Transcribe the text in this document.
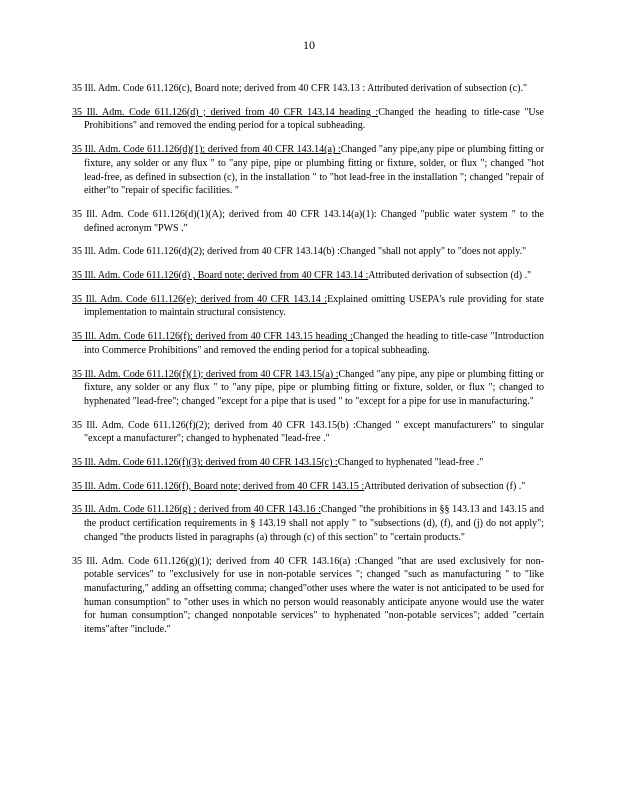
10

35 Ill. Adm. Code 611.126(c), Board note; derived from 40 CFR 143.13 : Attributed derivation of subsection (c)."

35 Ill. Adm. Code 611.126(d) ; derived from 40 CFR 143.14 heading :Changed the heading to title-case "Use Prohibitions" and removed the ending period for a topical subheading.

35 Ill. Adm. Code 611.126(d)(1); derived from 40 CFR 143.14(a) :Changed "any pipe,any pipe or plumbing fitting or fixture, any solder or any flux " to "any pipe, pipe or plumbing fitting or fixture, solder, or flux "; changed "hot lead-free, as defined in subsection (c), in the installation " to "hot lead-free in the installation "; changed "repair of either"to "repair of specific facilities. "

35 Ill. Adm. Code 611.126(d)(1)(A); derived from 40 CFR 143.14(a)(1): Changed "public water system " to the defined acronym "PWS ."

35 Ill. Adm. Code 611.126(d)(2); derived from 40 CFR 143.14(b) :Changed "shall not apply" to "does not apply."

35 Ill. Adm. Code 611.126(d) , Board note; derived from 40 CFR 143.14 :Attributed derivation of subsection (d) ."

35 Ill. Adm. Code 611.126(e); derived from 40 CFR 143.14 :Explained omitting USEPA's rule providing for state implementation to maintain structural consistency.

35 Ill. Adm. Code 611.126(f); derived from 40 CFR 143.15 heading :Changed the heading to title-case "Introduction into Commerce Prohibitions" and removed the ending period for a topical subheading.

35 Ill. Adm. Code 611.126(f)(1); derived from 40 CFR 143.15(a) :Changed "any pipe, any pipe or plumbing fitting or fixture, any solder or any flux " to "any pipe, pipe or plumbing fitting or fixture, solder, or flux "; changed to hyphenated "lead-free"; changed "except for a pipe that is used " to "except for a pipe for use in manufacturing."

35 Ill. Adm. Code 611.126(f)(2); derived from 40 CFR 143.15(b) :Changed " except manufacturers" to singular "except a manufacturer"; changed to hyphenated "lead-free ."

35 Ill. Adm. Code 611.126(f)(3); derived from 40 CFR 143.15(c) :Changed to hyphenated "lead-free ."

35 Ill. Adm. Code 611.126(f), Board note; derived from 40 CFR 143.15 :Attributed derivation of subsection (f) ."

35 Ill. Adm. Code 611.126(g) ; derived from 40 CFR 143.16 :Changed "the prohibitions in §§ 143.13 and 143.15 and the product certification requirements in § 143.19 shall not apply " to "subsections (d), (f), and (j) do not apply"; changed "the products listed in paragraphs (a) through (c) of this section" to "certain products."

35 Ill. Adm. Code 611.126(g)(1); derived from 40 CFR 143.16(a) :Changed "that are used exclusively for non-potable services" to "exclusively for use in non-potable services "; changed "such as manufacturing " to "like manufacturing," adding an offsetting comma; changed"other uses where the water is not anticipated to be used for human consumption" to "other uses in which no person would reasonably anticipate anyone would use the water for human consumption"; changed nonpotable services" to hyphenated "non-potable services"; added "certain items"after "include."
